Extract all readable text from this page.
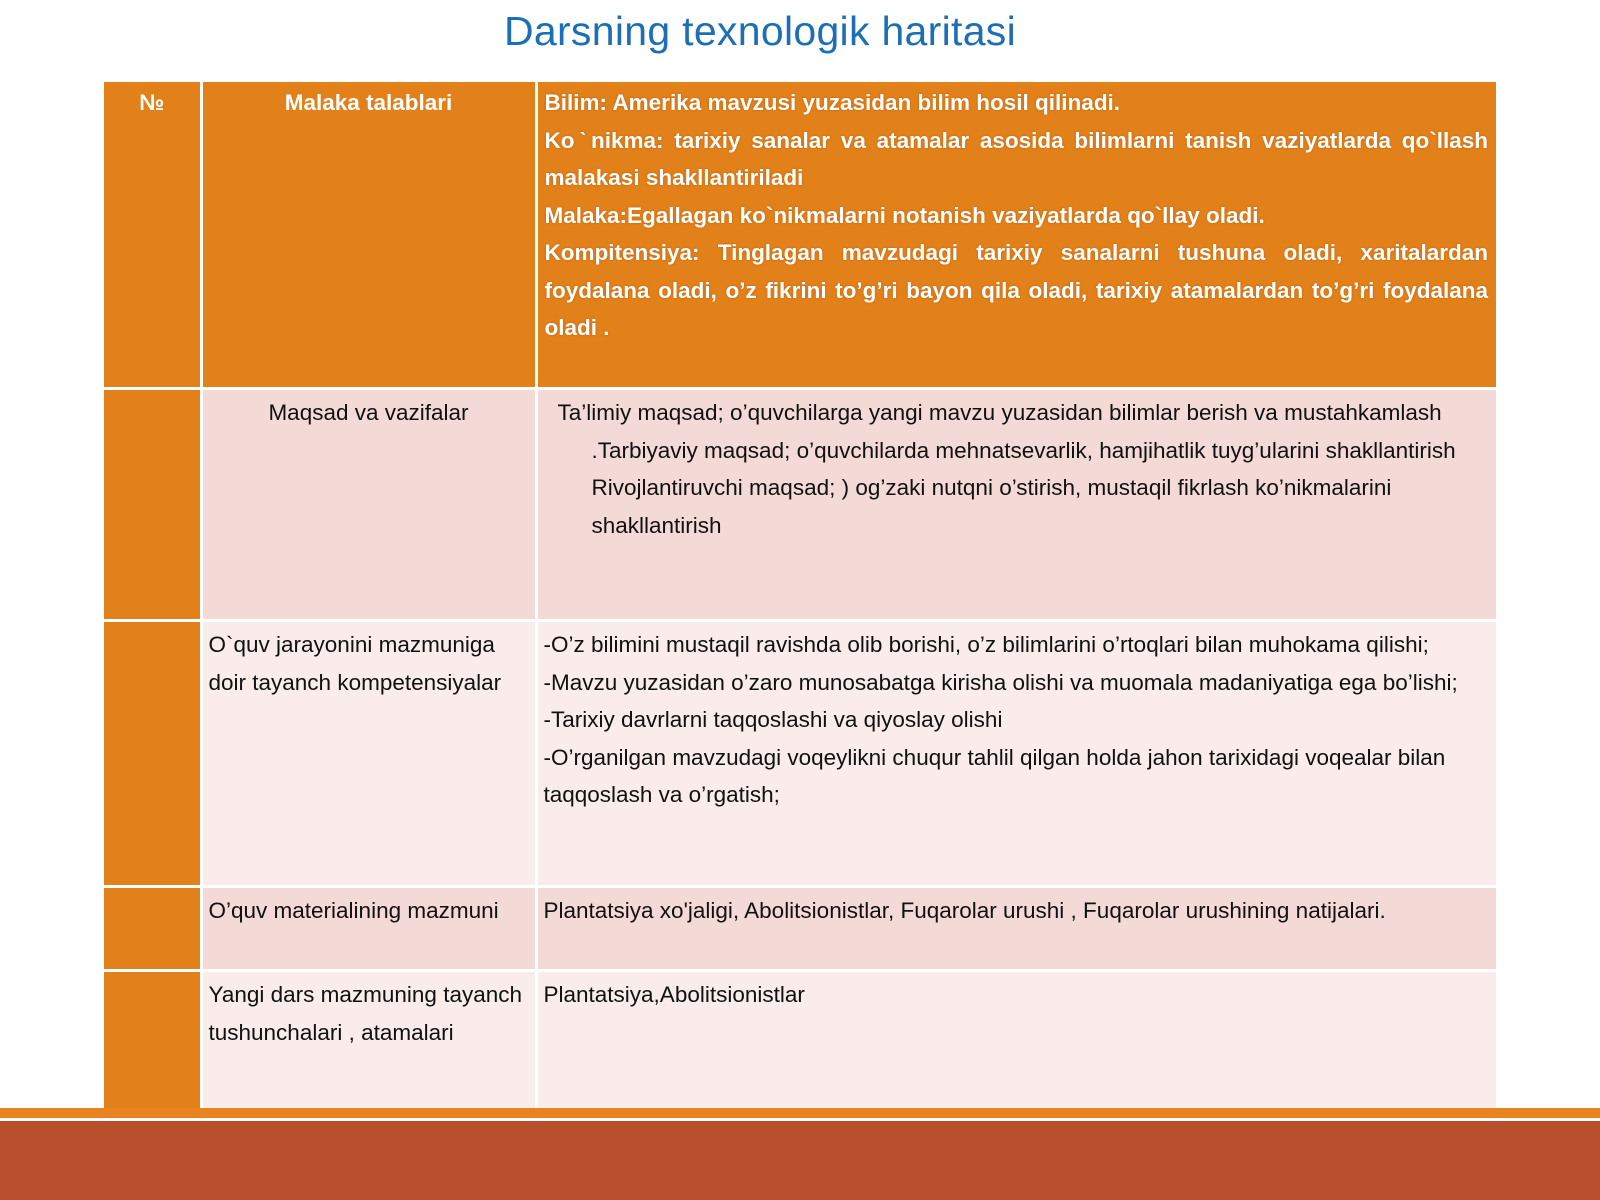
Darsning texnologik haritasi
№	Malaka talablari	Bilim: Amerika mavzusi yuzasidan bilim hosil qilinadi.

Koˋnikma: tarixiy sanalar va atamalar asosida bilimlarni tanish vaziyatlarda qo`llash malakasi shakllantiriladi

Malaka:Egallagan ko`nikmalarni notanish vaziyatlarda qo`llay oladi.

Kompitensiya: Tinglagan mavzudagi tarixiy sanalarni tushuna oladi, xaritalardan foydalana oladi, o’z fikrini to’g’ri bayon qila oladi, tarixiy atamalardan to’g’ri foydalana oladi .

	Maqsad va vazifalar	Ta’limiy maqsad; o’quvchilarga yangi mavzu yuzasidan bilimlar berish va mustahkamlash

.Tarbiyaviy maqsad; o’quvchilarda mehnatsevarlik, hamjihatlik tuyg’ularini shakllantirish

Rivojlantiruvchi maqsad; ) og’zaki nutqni o’stirish, mustaqil fikrlash ko’nikmalarini shakllantirish

	O`quv jarayonini mazmuniga doir tayanch kompetensiyalar	-O’z bilimini mustaqil ravishda olib borishi, o’z bilimlarini o’rtoqlari bilan muhokama qilishi;

-Mavzu yuzasidan o’zaro munosabatga kirisha olishi va muomala madaniyatiga ega bo’lishi;

-Tarixiy davrlarni taqqoslashi va qiyoslay olishi

-O’rganilgan mavzudagi voqeylikni chuqur tahlil qilgan holda jahon tarixidagi voqealar bilan taqqoslash va o’rgatish;

	O’quv materialining mazmuni	Plantatsiya xo'jaligi, Abolitsionistlar, Fuqarolar urushi , Fuqarolar urushining natijalari.
	Yangi dars mazmuning tayanch tushunchalari , atamalari	Plantatsiya,Abolitsionistlar
